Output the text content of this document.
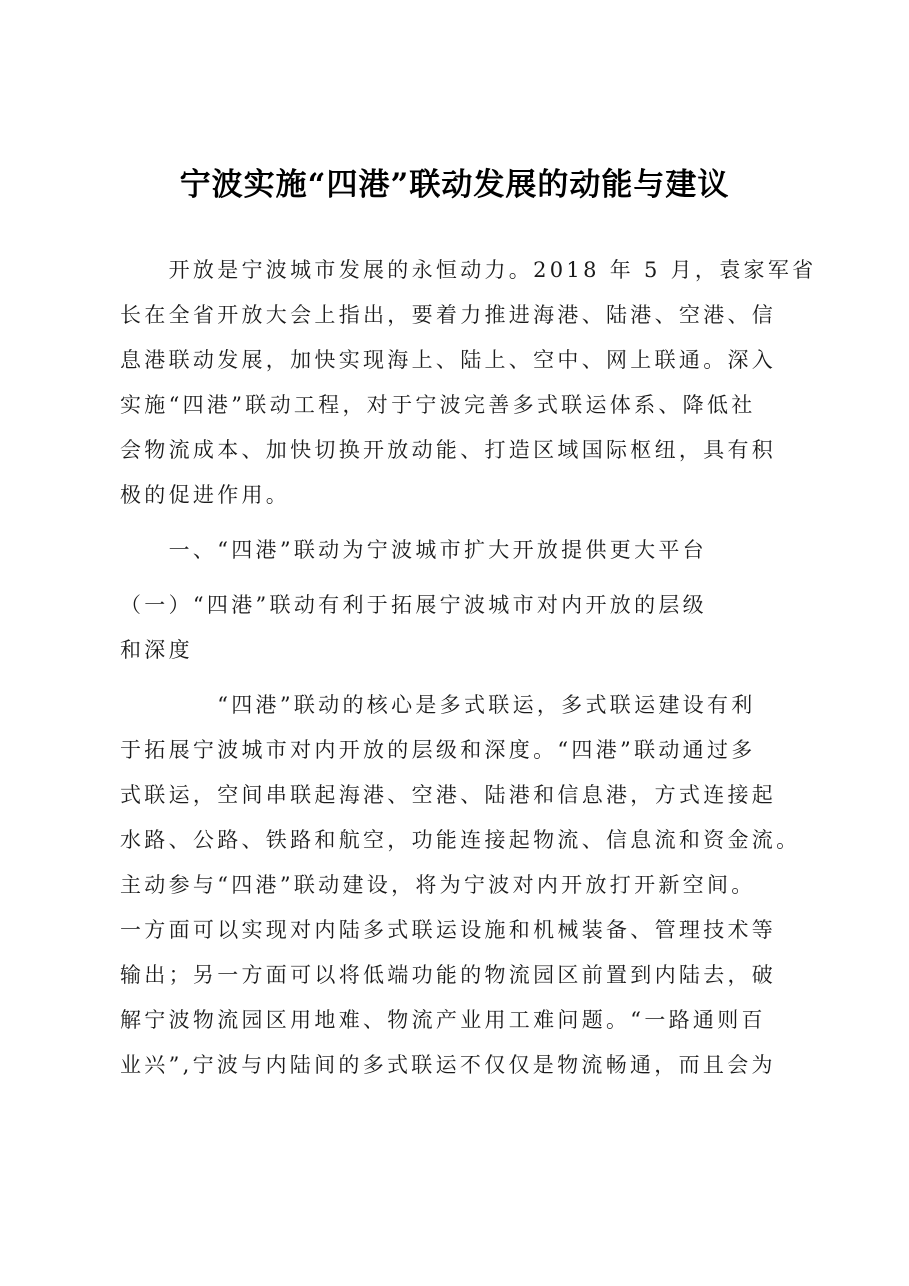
宁波实施“四港”联动发展的动能与建议
　　开放是宁波城市发展的永恒动力。2018 年 5 月，袁家军省
长在全省开放大会上指出，要着力推进海港、陆港、空港、信
息港联动发展，加快实现海上、陆上、空中、网上联通。深入
实施“四港”联动工程，对于宁波完善多式联运体系、降低社
会物流成本、加快切换开放动能、打造区域国际枢纽，具有积
极的促进作用。
　　一、“四港”联动为宁波城市扩大开放提供更大平台
（一）“四港”联动有利于拓展宁波城市对内开放的层级
和深度
　　　　“四港”联动的核心是多式联运，多式联运建设有利
于拓展宁波城市对内开放的层级和深度。“四港”联动通过多
式联运，空间串联起海港、空港、陆港和信息港，方式连接起
水路、公路、铁路和航空，功能连接起物流、信息流和资金流。
主动参与“四港”联动建设，将为宁波对内开放打开新空间。
一方面可以实现对内陆多式联运设施和机械装备、管理技术等
输出；另一方面可以将低端功能的物流园区前置到内陆去，破
解宁波物流园区用地难、物流产业用工难问题。“一路通则百
业兴”,宁波与内陆间的多式联运不仅仅是物流畅通，而且会为
